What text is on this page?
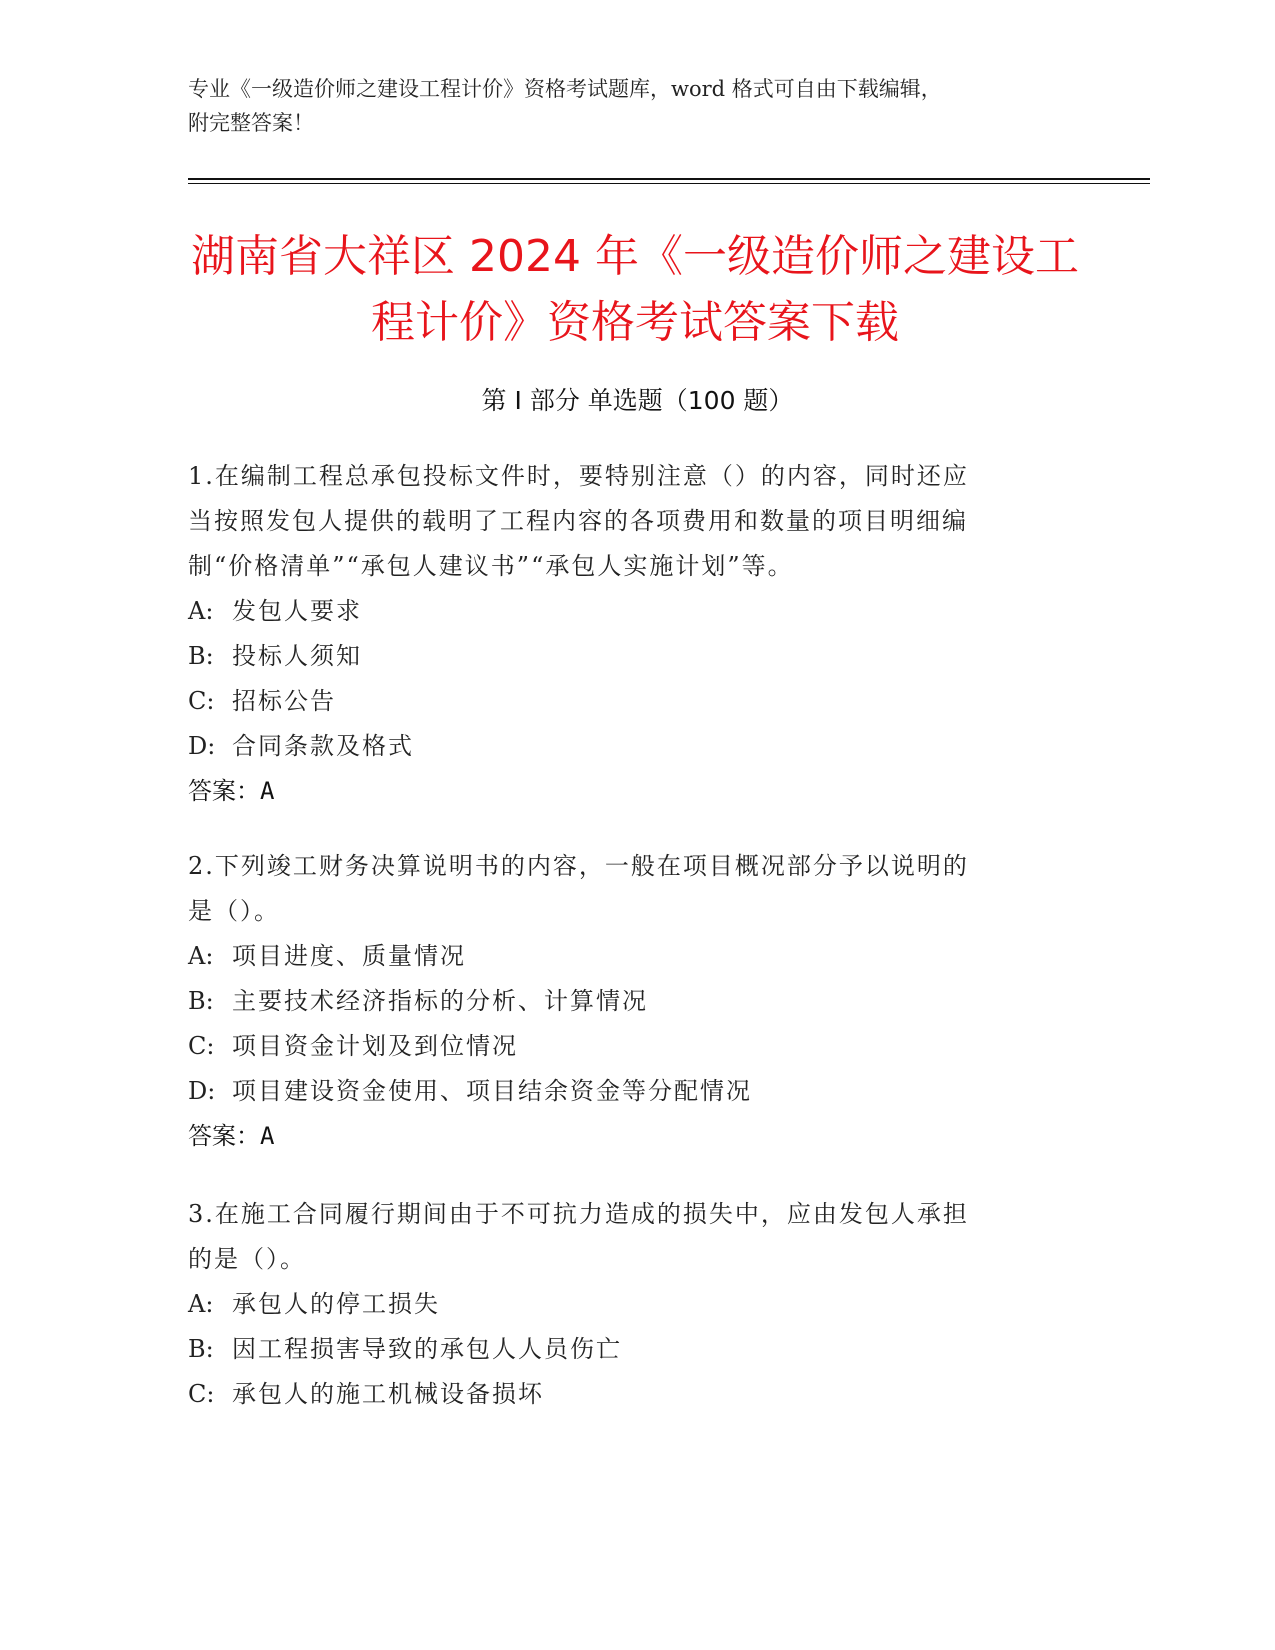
专业《一级造价师之建设工程计价》资格考试题库，word 格式可自由下载编辑，
附完整答案！
湖南省大祥区 2024 年《一级造价师之建设工
程计价》资格考试答案下载
第 I 部分 单选题（100 题）

1.在编制工程总承包投标文件时，要特别注意（）的内容，同时还应

当按照发包人提供的载明了工程内容的各项费用和数量的项目明细编

制“价格清单”“承包人建议书”“承包人实施计划”等。

A: 发包人要求

B: 投标人须知

C: 招标公告

D: 合同条款及格式

答案：A

2.下列竣工财务决算说明书的内容，一般在项目概况部分予以说明的

是（）。

A: 项目进度、质量情况

B: 主要技术经济指标的分析、计算情况

C: 项目资金计划及到位情况

D: 项目建设资金使用、项目结余资金等分配情况

答案：A

3.在施工合同履行期间由于不可抗力造成的损失中，应由发包人承担

的是（）。

A: 承包人的停工损失

B: 因工程损害导致的承包人人员伤亡

C: 承包人的施工机械设备损坏
